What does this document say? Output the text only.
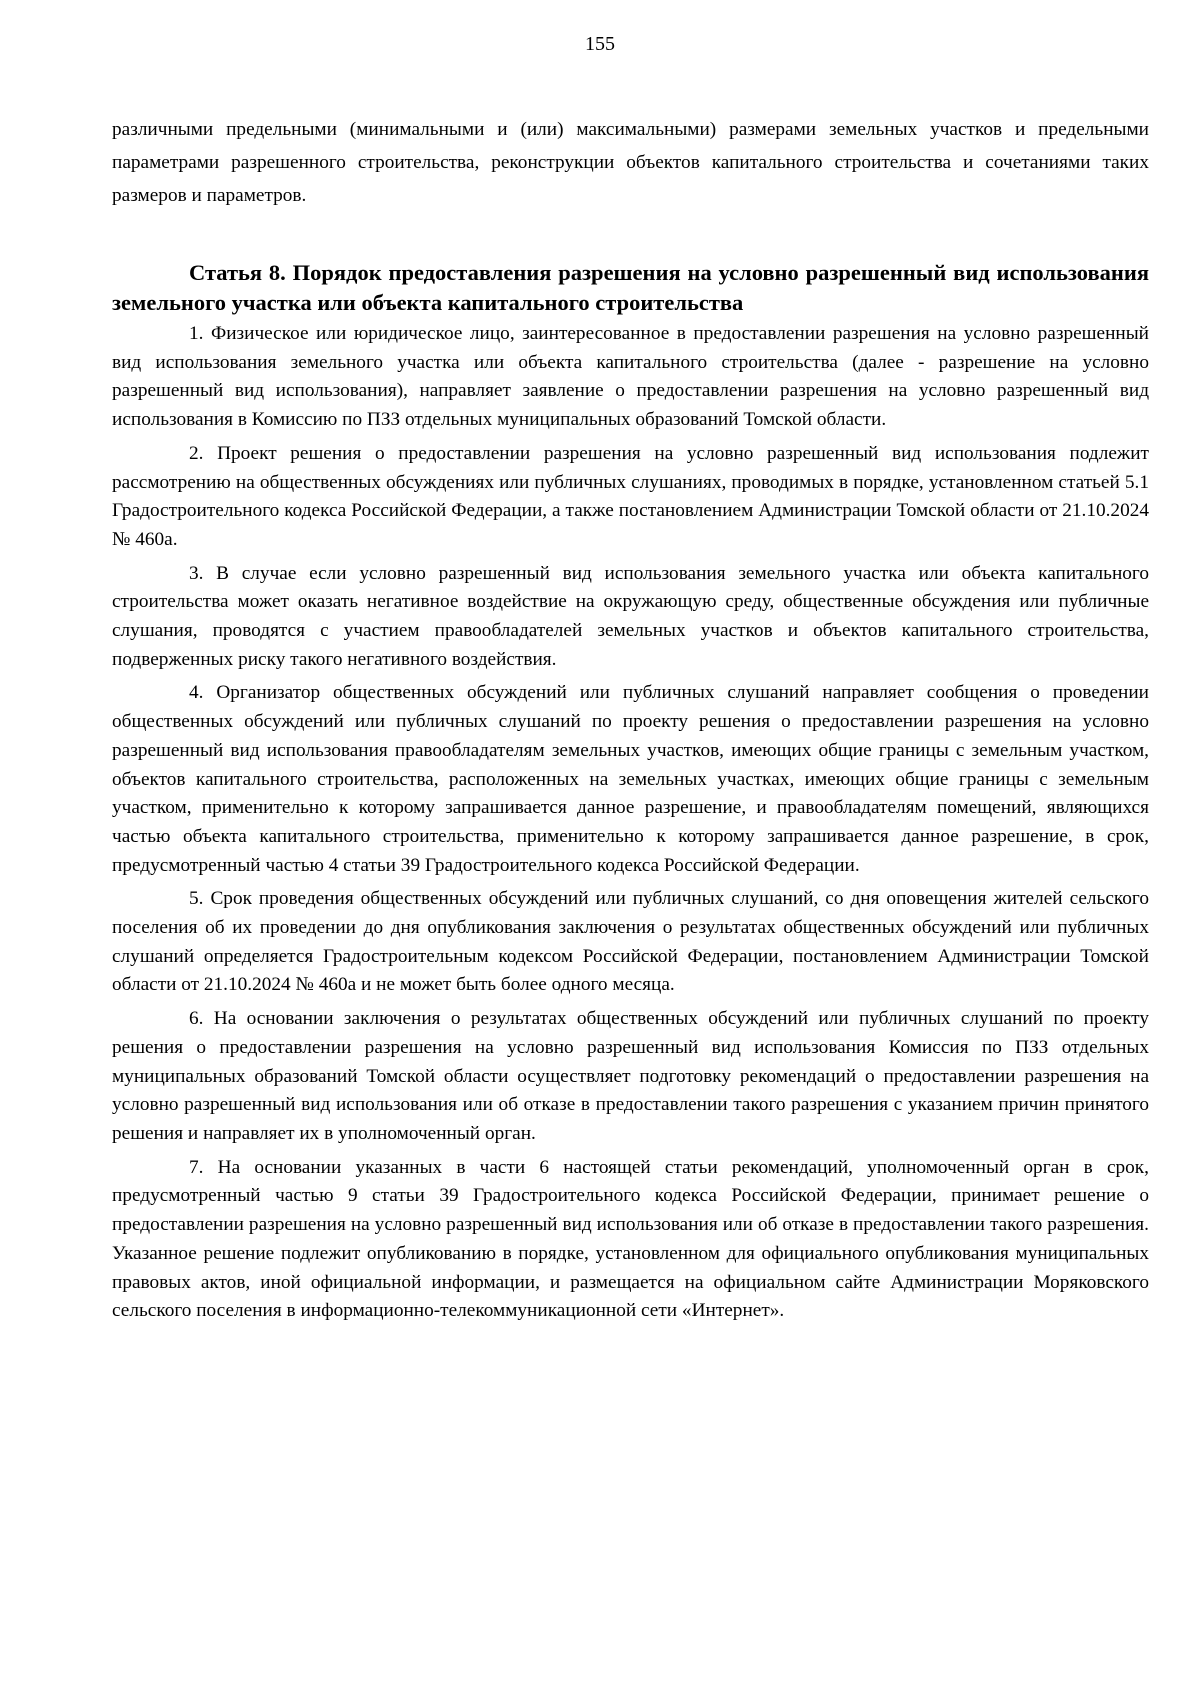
155

различными предельными (минимальными и (или) максимальными) размерами земельных участков и предельными параметрами разрешенного строительства, реконструкции объектов капитального строительства и сочетаниями таких размеров и параметров.

Статья 8. Порядок предоставления разрешения на условно разрешенный вид использования земельного участка или объекта капитального строительства

1. Физическое или юридическое лицо, заинтересованное в предоставлении разрешения на условно разрешенный вид использования земельного участка или объекта капитального строительства (далее - разрешение на условно разрешенный вид использования), направляет заявление о предоставлении разрешения на условно разрешенный вид использования в Комиссию по ПЗЗ отдельных муниципальных образований Томской области.

2. Проект решения о предоставлении разрешения на условно разрешенный вид использования подлежит рассмотрению на общественных обсуждениях или публичных слушаниях, проводимых в порядке, установленном статьей 5.1 Градостроительного кодекса Российской Федерации, а также постановлением Администрации Томской области от 21.10.2024 № 460а.

3. В случае если условно разрешенный вид использования земельного участка или объекта капитального строительства может оказать негативное воздействие на окружающую среду, общественные обсуждения или публичные слушания, проводятся с участием правообладателей земельных участков и объектов капитального строительства, подверженных риску такого негативного воздействия.

4. Организатор общественных обсуждений или публичных слушаний направляет сообщения о проведении общественных обсуждений или публичных слушаний по проекту решения о предоставлении разрешения на условно разрешенный вид использования правообладателям земельных участков, имеющих общие границы с земельным участком, объектов капитального строительства, расположенных на земельных участках, имеющих общие границы с земельным участком, применительно к которому запрашивается данное разрешение, и правообладателям помещений, являющихся частью объекта капитального строительства, применительно к которому запрашивается данное разрешение, в срок, предусмотренный частью 4 статьи 39 Градостроительного кодекса Российской Федерации.

5. Срок проведения общественных обсуждений или публичных слушаний, со дня оповещения жителей сельского поселения об их проведении до дня опубликования заключения о результатах общественных обсуждений или публичных слушаний определяется Градостроительным кодексом Российской Федерации, постановлением Администрации Томской области от 21.10.2024 № 460а и не может быть более одного месяца.

6. На основании заключения о результатах общественных обсуждений или публичных слушаний по проекту решения о предоставлении разрешения на условно разрешенный вид использования Комиссия по ПЗЗ отдельных муниципальных образований Томской области осуществляет подготовку рекомендаций о предоставлении разрешения на условно разрешенный вид использования или об отказе в предоставлении такого разрешения с указанием причин принятого решения и направляет их в уполномоченный орган.

7. На основании указанных в части 6 настоящей статьи рекомендаций, уполномоченный орган в срок, предусмотренный частью 9 статьи 39 Градостроительного кодекса Российской Федерации, принимает решение о предоставлении разрешения на условно разрешенный вид использования или об отказе в предоставлении такого разрешения. Указанное решение подлежит опубликованию в порядке, установленном для официального опубликования муниципальных правовых актов, иной официальной информации, и размещается на официальном сайте Администрации Моряковского сельского поселения в информационно-телекоммуникационной сети «Интернет».
